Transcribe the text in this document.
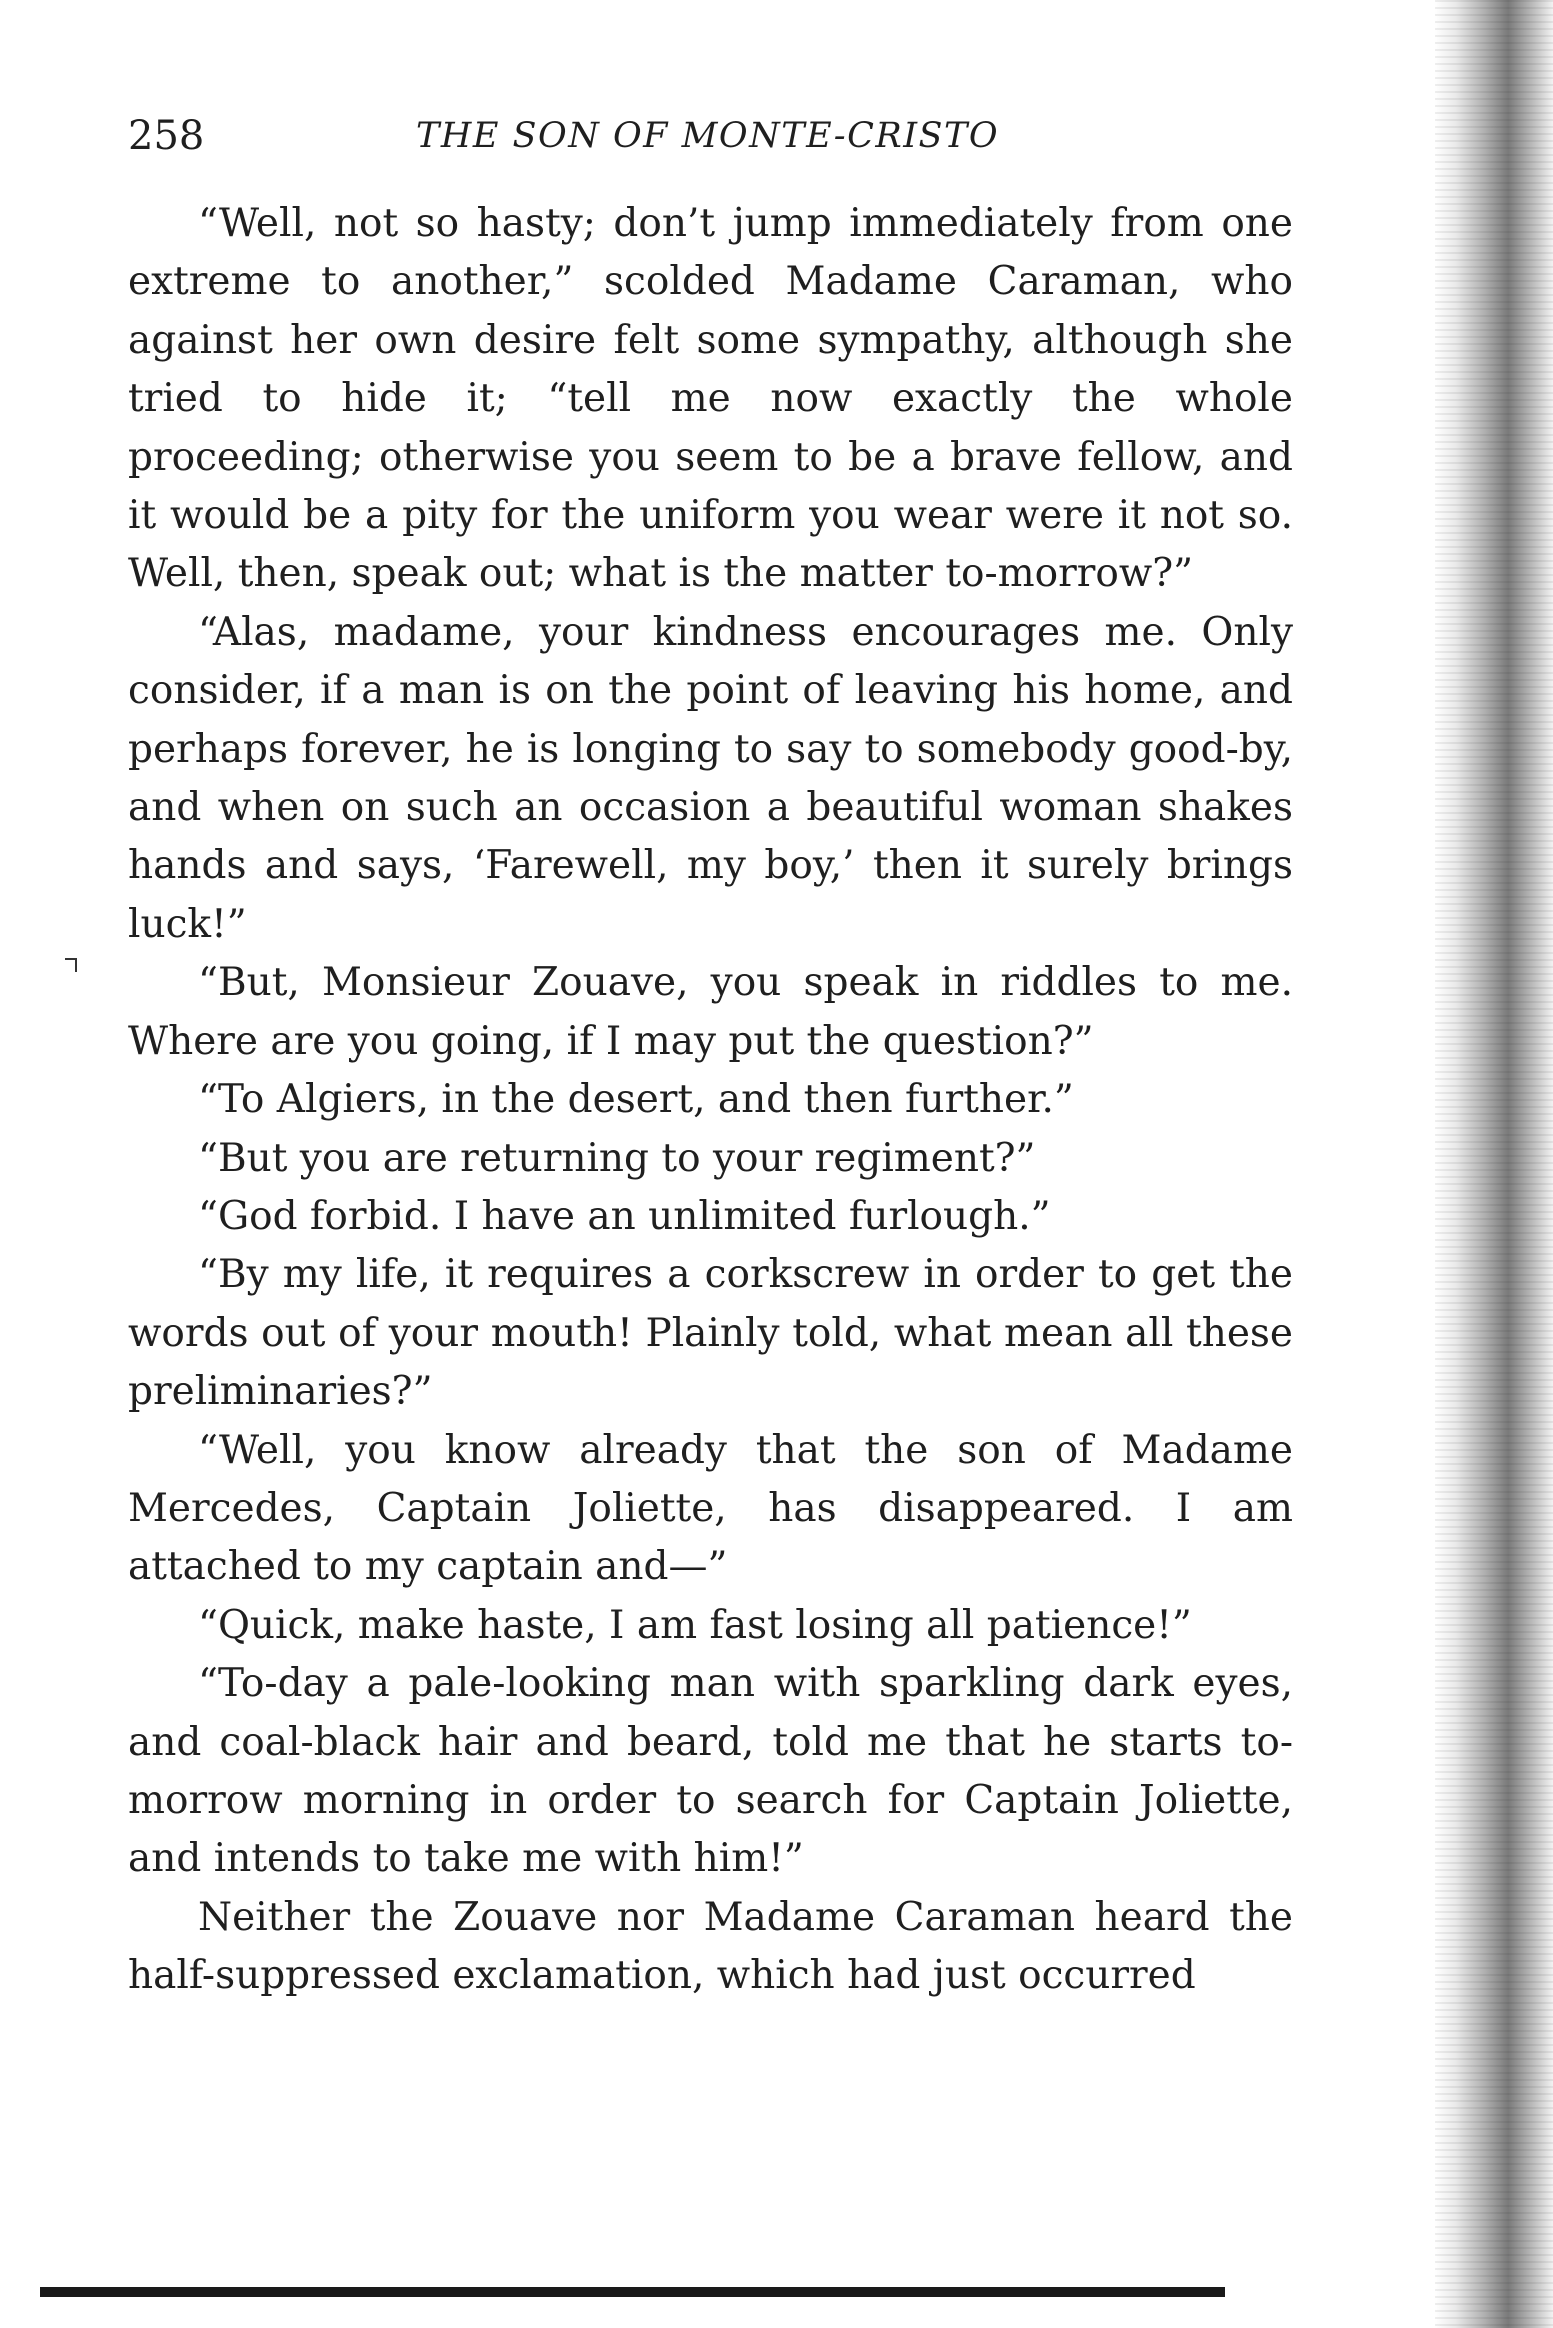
258	THE SON OF MONTE-CRISTO

“Well, not so hasty; don’t jump immediately from one extreme to another,” scolded Madame Caraman, who against her own desire felt some sympathy, although she tried to hide it; “tell me now exactly the whole proceeding; otherwise you seem to be a brave fellow, and it would be a pity for the uniform you wear were it not so. Well, then, speak out; what is the matter to-morrow?”

“Alas, madame, your kindness encourages me. Only consider, if a man is on the point of leaving his home, and perhaps forever, he is longing to say to somebody good-by, and when on such an occasion a beautiful woman shakes hands and says, ‘Farewell, my boy,’ then it surely brings luck!”

“But, Monsieur Zouave, you speak in riddles to me. Where are you going, if I may put the question?”

“To Algiers, in the desert, and then further.”

“But you are returning to your regiment?”

“God forbid. I have an unlimited furlough.”

“By my life, it requires a corkscrew in order to get the words out of your mouth! Plainly told, what mean all these preliminaries?”

“Well, you know already that the son of Madame Mercedes, Captain Joliette, has disappeared. I am attached to my captain and—”

“Quick, make haste, I am fast losing all patience!”

“To-day a pale-looking man with sparkling dark eyes, and coal-black hair and beard, told me that he starts to-morrow morning in order to search for Captain Joliette, and intends to take me with him!”

Neither the Zouave nor Madame Caraman heard the half-suppressed exclamation, which had just occurred
